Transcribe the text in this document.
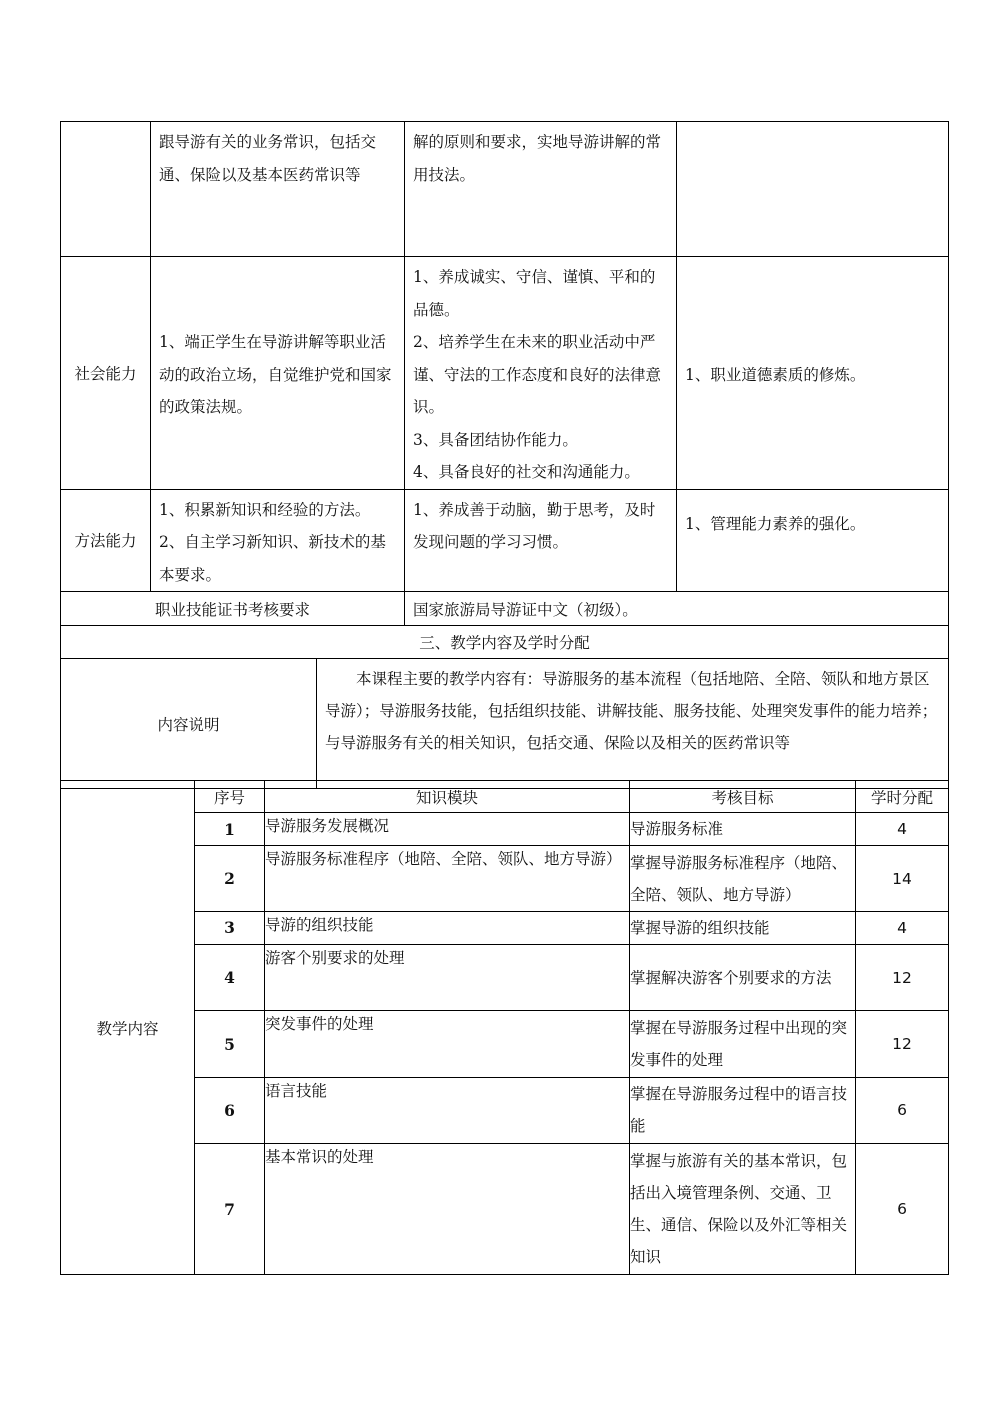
	跟导游有关的业务常识，包括交通、保险以及基本医药常识等		解的原则和要求，实地导游讲解的常用技法。	

社会能力	1、端正学生在导游讲解等职业活动的政治立场，自觉维护党和国家的政策法规。		1、养成诚实、守信、谨慎、平和的品德。
2、培养学生在未来的职业活动中严谨、守法的工作态度和良好的法律意识。
3、具备团结协作能力。
4、具备良好的社交和沟通能力。	1、职业道德素质的修炼。

方法能力	1、积累新知识和经验的方法。
2、自主学习新知识、新技术的基本要求。		1、养成善于动脑，勤于思考，及时发现问题的学习习惯。	1、管理能力素养的强化。

职业技能证书考核要求			国家旅游局导游证中文（初级）。	
三、教学内容及学时分配				
内容说明		本课程主要的教学内容有：导游服务的基本流程（包括地陪、全陪、领队和地方景区导游）；导游服务技能，包括组织技能、讲解技能、服务技能、处理突发事件的能力培养；与导游服务有关的相关知识，包括交通、保险以及相关的医药常识等		
教学内容	序号	知识模块	考核目标	学时分配
	1	导游服务发展概况	导游服务标准	4
	2	导游服务标准程序（地陪、全陪、领队、地方导游）	掌握导游服务标准程序（地陪、全陪、领队、地方导游）	14
	3	导游的组织技能	掌握导游的组织技能	4
	4	游客个别要求的处理	掌握解决游客个别要求的方法	12
	5	突发事件的处理	掌握在导游服务过程中出现的突发事件的处理	12
	6	语言技能	掌握在导游服务过程中的语言技能	6
	7	基本常识的处理	掌握与旅游有关的基本常识，包括出入境管理条例、交通、卫生、通信、保险以及外汇等相关知识	6
